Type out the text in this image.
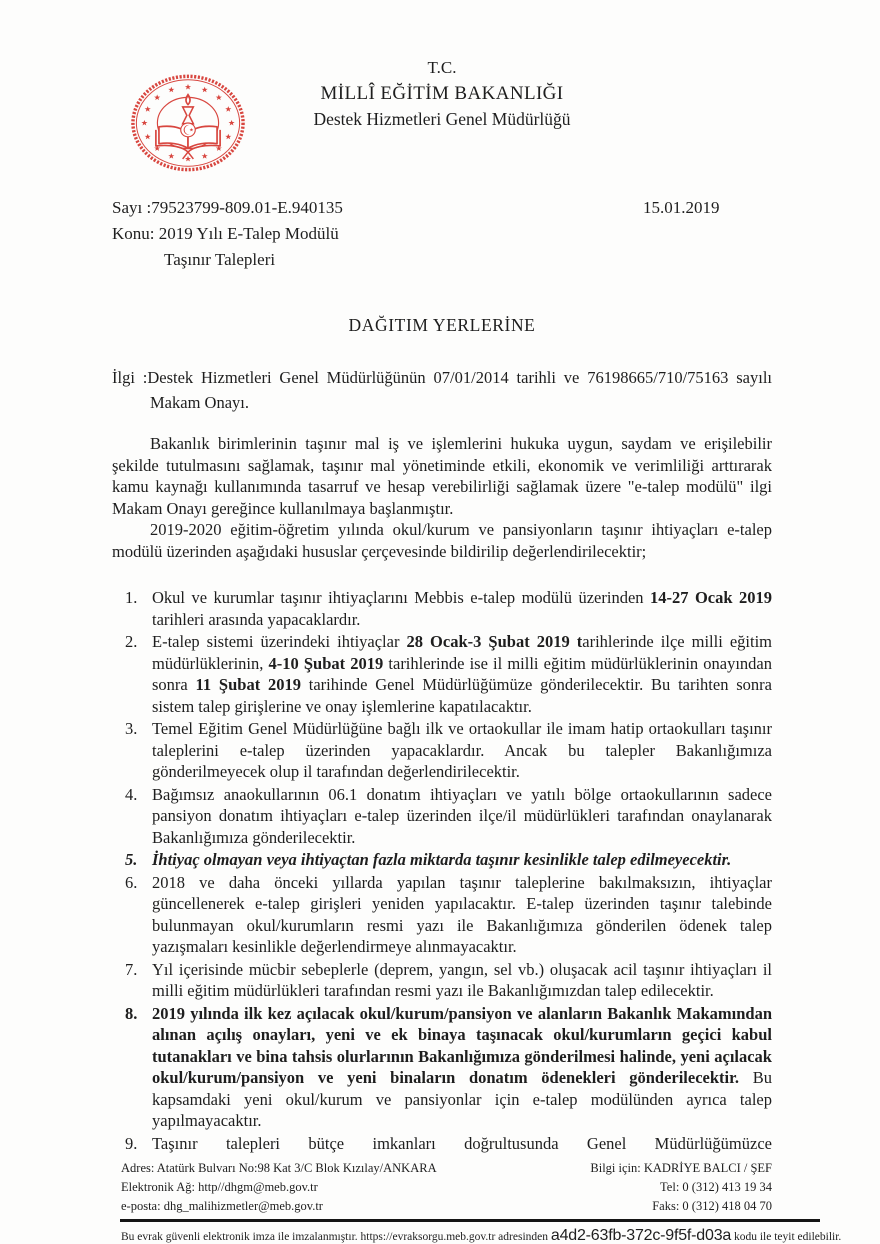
T.C.
MİLLÎ EĞİTİM BAKANLIĞI
Destek Hizmetleri Genel Müdürlüğü
Sayı :79523799-809.01-E.940135	15.01.2019
Konu: 2019 Yılı E-Talep Modülü
Taşınır Talepleri
DAĞITIM YERLERİNE
İlgi :Destek Hizmetleri Genel Müdürlüğünün 07/01/2014 tarihli ve 76198665/710/75163 sayılı Makam Onayı.

Bakanlık birimlerinin taşınır mal iş ve işlemlerini hukuka uygun, saydam ve erişilebilir şekilde tutulmasını sağlamak, taşınır mal yönetiminde etkili, ekonomik ve verimliliği arttırarak kamu kaynağı kullanımında tasarruf ve hesap verebilirliği sağlamak üzere "e-talep modülü" ilgi Makam Onayı gereğince kullanılmaya başlanmıştır.

2019-2020 eğitim-öğretim yılında okul/kurum ve pansiyonların taşınır ihtiyaçları e-talep modülü üzerinden aşağıdaki hususlar çerçevesinde bildirilip değerlendirilecektir;

1. Okul ve kurumlar taşınır ihtiyaçlarını Mebbis e-talep modülü üzerinden 14-27 Ocak 2019 tarihleri arasında yapacaklardır.
2. E-talep sistemi üzerindeki ihtiyaçlar 28 Ocak-3 Şubat 2019 tarihlerinde ilçe milli eğitim müdürlüklerinin, 4-10 Şubat 2019 tarihlerinde ise il milli eğitim müdürlüklerinin onayından sonra 11 Şubat 2019 tarihinde Genel Müdürlüğümüze gönderilecektir. Bu tarihten sonra sistem talep girişlerine ve onay işlemlerine kapatılacaktır.
3. Temel Eğitim Genel Müdürlüğüne bağlı ilk ve ortaokullar ile imam hatip ortaokulları taşınır taleplerini e-talep üzerinden yapacaklardır. Ancak bu talepler Bakanlığımıza gönderilmeyecek olup il tarafından değerlendirilecektir.
4. Bağımsız anaokullarının 06.1 donatım ihtiyaçları ve yatılı bölge ortaokullarının sadece pansiyon donatım ihtiyaçları e-talep üzerinden ilçe/il müdürlükleri tarafından onaylanarak Bakanlığımıza gönderilecektir.
5. İhtiyaç olmayan veya ihtiyaçtan fazla miktarda taşınır kesinlikle talep edilmeyecektir.
6. 2018 ve daha önceki yıllarda yapılan taşınır taleplerine bakılmaksızın, ihtiyaçlar güncellenerek e-talep girişleri yeniden yapılacaktır. E-talep üzerinden taşınır talebinde bulunmayan okul/kurumların resmi yazı ile Bakanlığımıza gönderilen ödenek talep yazışmaları kesinlikle değerlendirmeye alınmayacaktır.
7. Yıl içerisinde mücbir sebeplerle (deprem, yangın, sel vb.) oluşacak acil taşınır ihtiyaçları il milli eğitim müdürlükleri tarafından resmi yazı ile Bakanlığımızdan talep edilecektir.
8. 2019 yılında ilk kez açılacak okul/kurum/pansiyon ve alanların Bakanlık Makamından alınan açılış onayları, yeni ve ek binaya taşınacak okul/kurumların geçici kabul tutanakları ve bina tahsis olurlarının Bakanlığımıza gönderilmesi halinde, yeni açılacak okul/kurum/pansiyon ve yeni binaların donatım ödenekleri gönderilecektir. Bu kapsamdaki yeni okul/kurum ve pansiyonlar için e-talep modülünden ayrıca talep yapılmayacaktır.
9. Taşınır talepleri bütçe imkanları doğrultusunda Genel Müdürlüğümüzce
Adres: Atatürk Bulvarı No:98 Kat 3/C Blok Kızılay/ANKARA
Elektronik Ağ: http//dhgm@meb.gov.tr
e-posta: dhg_malihizmetler@meb.gov.tr
Bilgi için: KADRİYE BALCI / ŞEF
Tel: 0 (312) 413 19 34
Faks: 0 (312) 418 04 70
Bu evrak güvenli elektronik imza ile imzalanmıştır. https://evraksorgu.meb.gov.tr adresinden a4d2-63fb-372c-9f5f-d03a kodu ile teyit edilebilir.
